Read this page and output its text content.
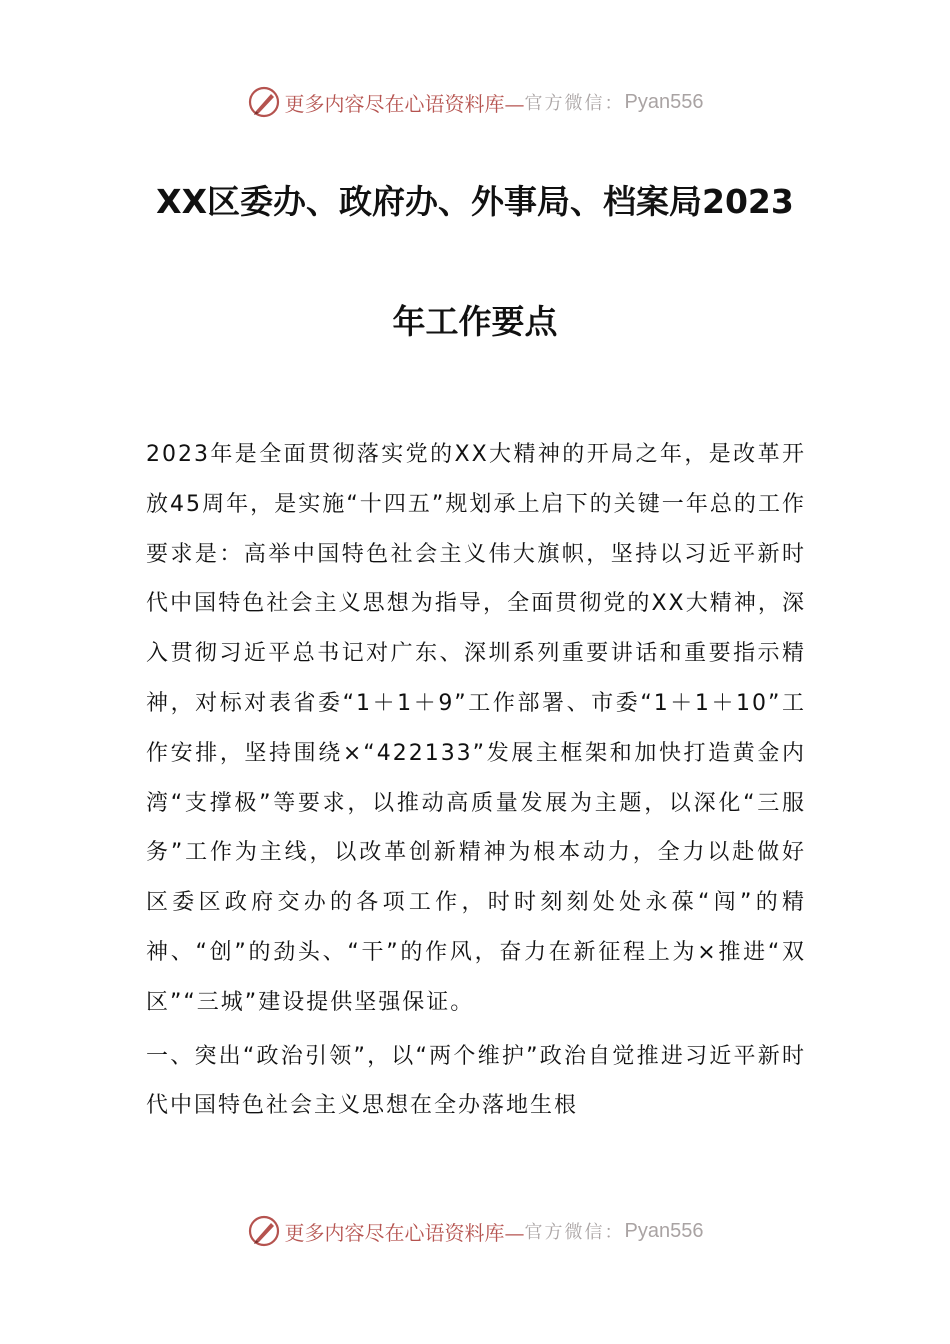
更多内容尽在心语资料库— 官方微信： Pyan556
XX区委办、政府办、外事局、档案局2023
年工作要点

2023年是全面贯彻落实党的XX大精神的开局之年，是改革开放45周年，是实施“十四五”规划承上启下的关键一年总的工作要求是：高举中国特色社会主义伟大旗帜，坚持以习近平新时代中国特色社会主义思想为指导，全面贯彻党的XX大精神，深入贯彻习近平总书记对广东、深圳系列重要讲话和重要指示精神，对标对表省委“1＋1＋9”工作部署、市委“1＋1＋10”工作安排，坚持围绕×“422133”发展主框架和加快打造黄金内湾“支撑极”等要求，以推动高质量发展为主题，以深化“三服务”工作为主线，以改革创新精神为根本动力，全力以赴做好区委区政府交办的各项工作，时时刻刻处处永葆“闯”的精神、“创”的劲头、“干”的作风，奋力在新征程上为×推进“双区”“三城”建设提供坚强保证。

一、突出“政治引领”，以“两个维护”政治自觉推进习近平新时代中国特色社会主义思想在全办落地生根

更多内容尽在心语资料库— 官方微信： Pyan556
